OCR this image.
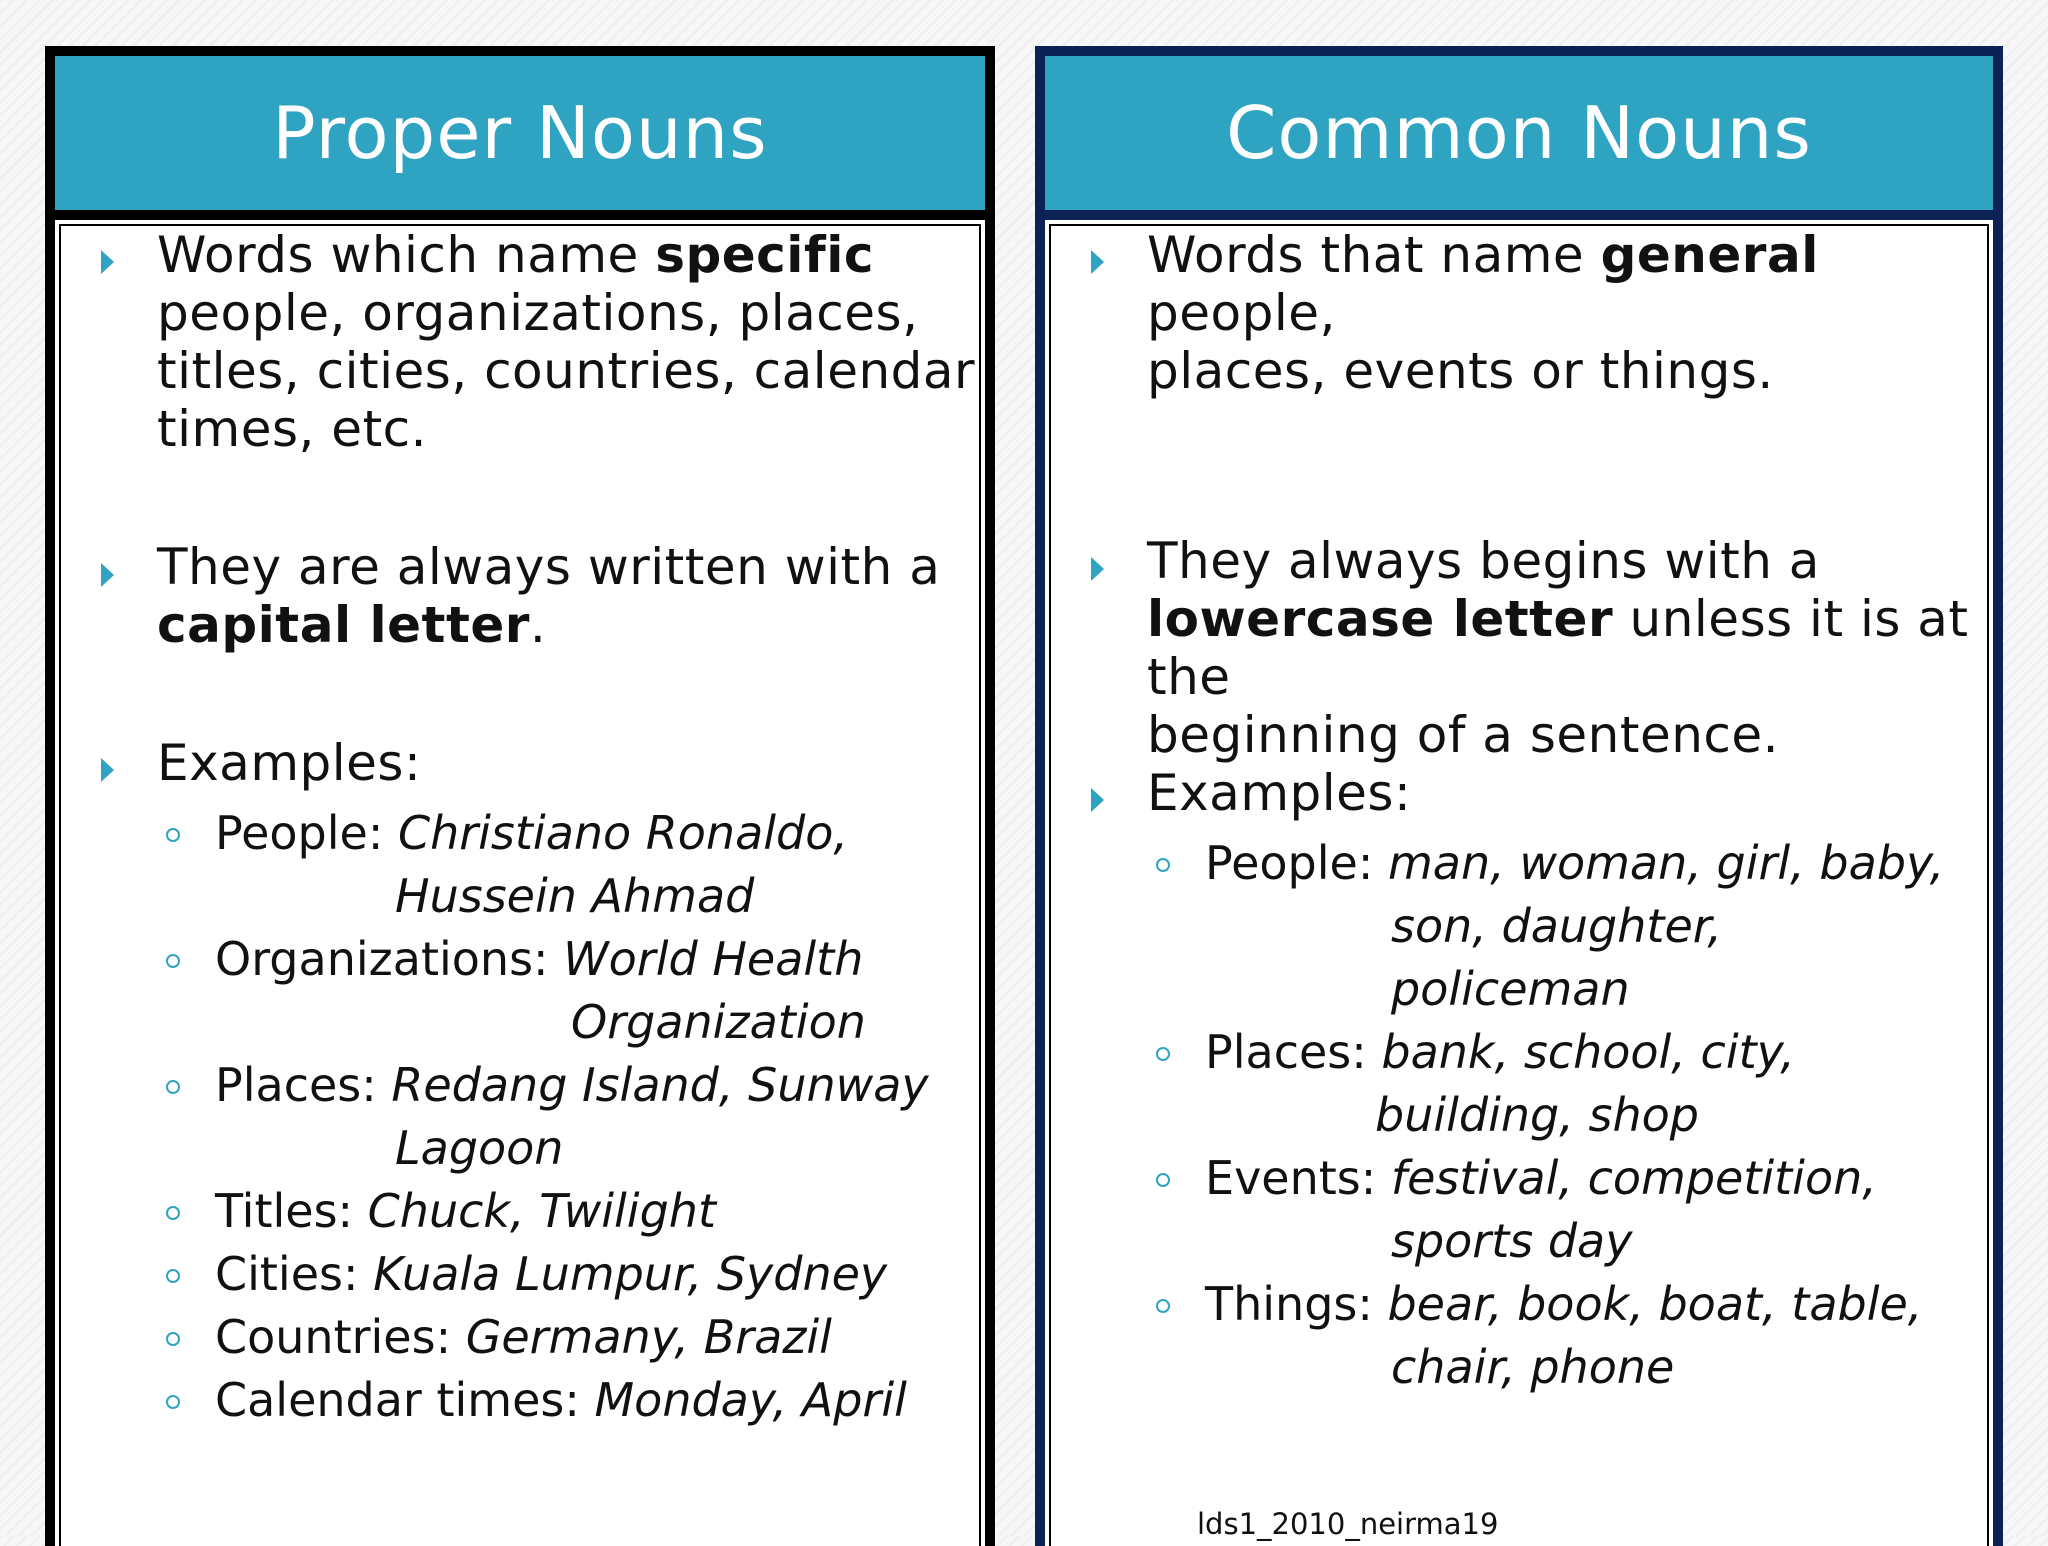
Proper Nouns
Words which name specific
people, organizations, places,
titles, cities, countries, calendar
times, etc.
They are always written with a
capital letter.
Examples:
People: Christiano Ronaldo,
Hussein Ahmad
Organizations: World Health
Organization
Places: Redang Island, Sunway
Lagoon
Titles: Chuck, Twilight
Cities: Kuala Lumpur, Sydney
Countries: Germany, Brazil
Calendar times: Monday, April
Common Nouns
Words that name general people,
places, events or things.
They always begins with a
lowercase letter unless it is at the
beginning of a sentence.
Examples:
People: man, woman, girl, baby,
son, daughter,
policeman
Places: bank, school, city,
building, shop
Events: festival, competition,
sports day
Things: bear, book, boat, table,
chair, phone
lds1_2010_neirma19
